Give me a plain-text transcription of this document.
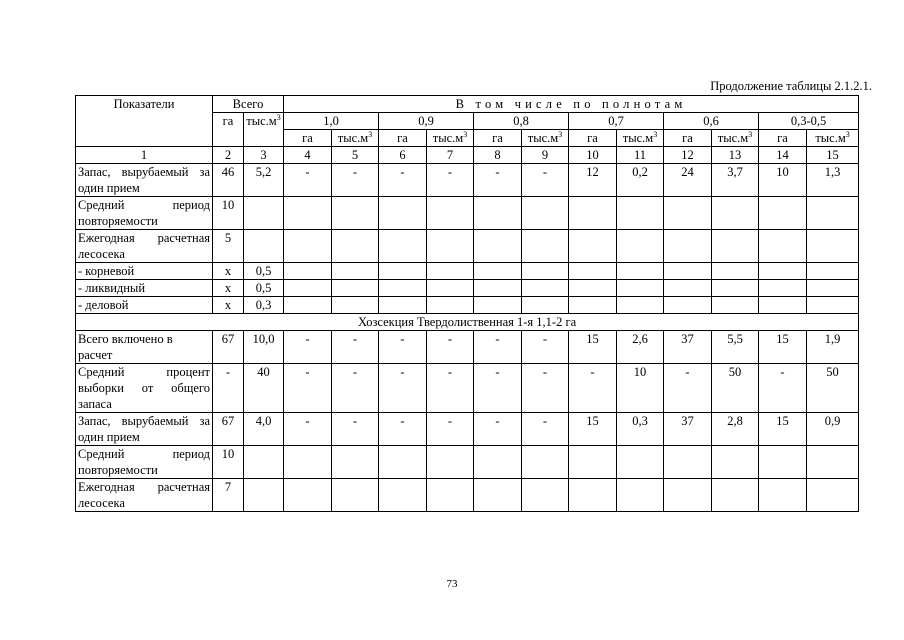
Продолжение таблицы 2.1.2.1.
Показатели	Всего		В том числе по полнотам											
	га	$тыс.м^3$	1,0		0,9		0,8		0,7		0,6		0,3-0,5	
			га	$тыс.м^3$	га	$тыс.м^3$	га	$тыс.м^3$	га	$тыс.м^3$	га	$тыс.м^3$	га	$тыс.м^3$
1	2	3	4	5	6	7	8	9	10	11	12	13	14	15
Запас, вырубаемый за один прием	46	5,2	-	-	-	-	-	-	12	0,2	24	3,7	10	1,3
Средний период повторяемости	10													
Ежегодная расчетная лесосека	5													
- корневой	х	0,5												
- ликвидный	х	0,5												
- деловой	х	0,3												
Хозсекция Твердолиственная 1-я 1,1-2 га														
Всего включено в расчет	67	10,0	-	-	-	-	-	-	15	2,6	37	5,5	15	1,9
Средний процент выборки от общего запаса	-	40	-	-	-	-	-	-	-	10	-	50	-	50
Запас, вырубаемый за один прием	67	4,0	-	-	-	-	-	-	15	0,3	37	2,8	15	0,9
Средний период повторяемости	10													
Ежегодная расчетная лесосека	7													
73
